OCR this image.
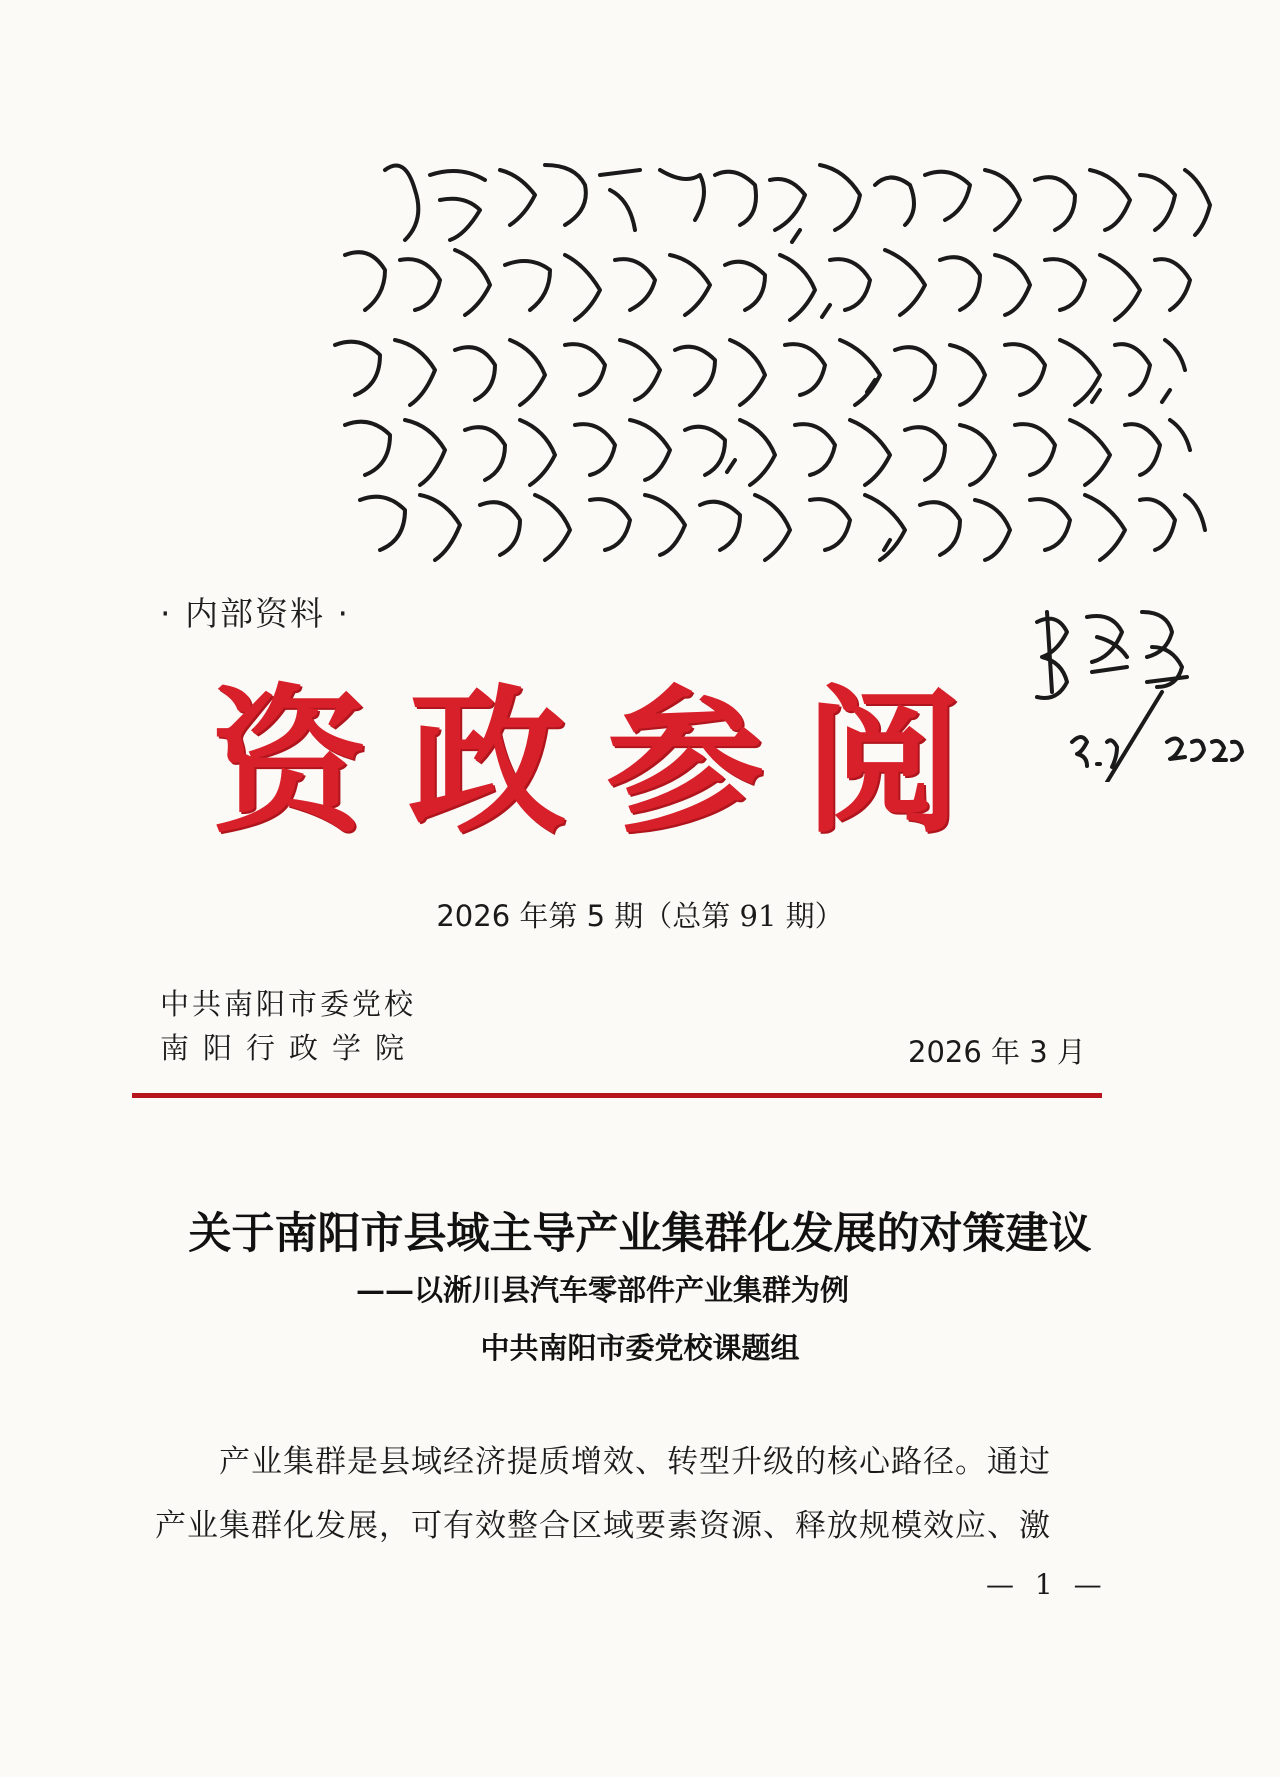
· 内部资料 ·
资政参阅
2026 年第 5 期（总第 91 期）
中共南阳市委党校
南阳行政学院	2026 年 3 月
关于南阳市县域主导产业集群化发展的对策建议
——以淅川县汽车零部件产业集群为例
中共南阳市委党校课题组
产业集群是县域经济提质增效、转型升级的核心路径。通过
产业集群化发展，可有效整合区域要素资源、释放规模效应、激
— 1 —
